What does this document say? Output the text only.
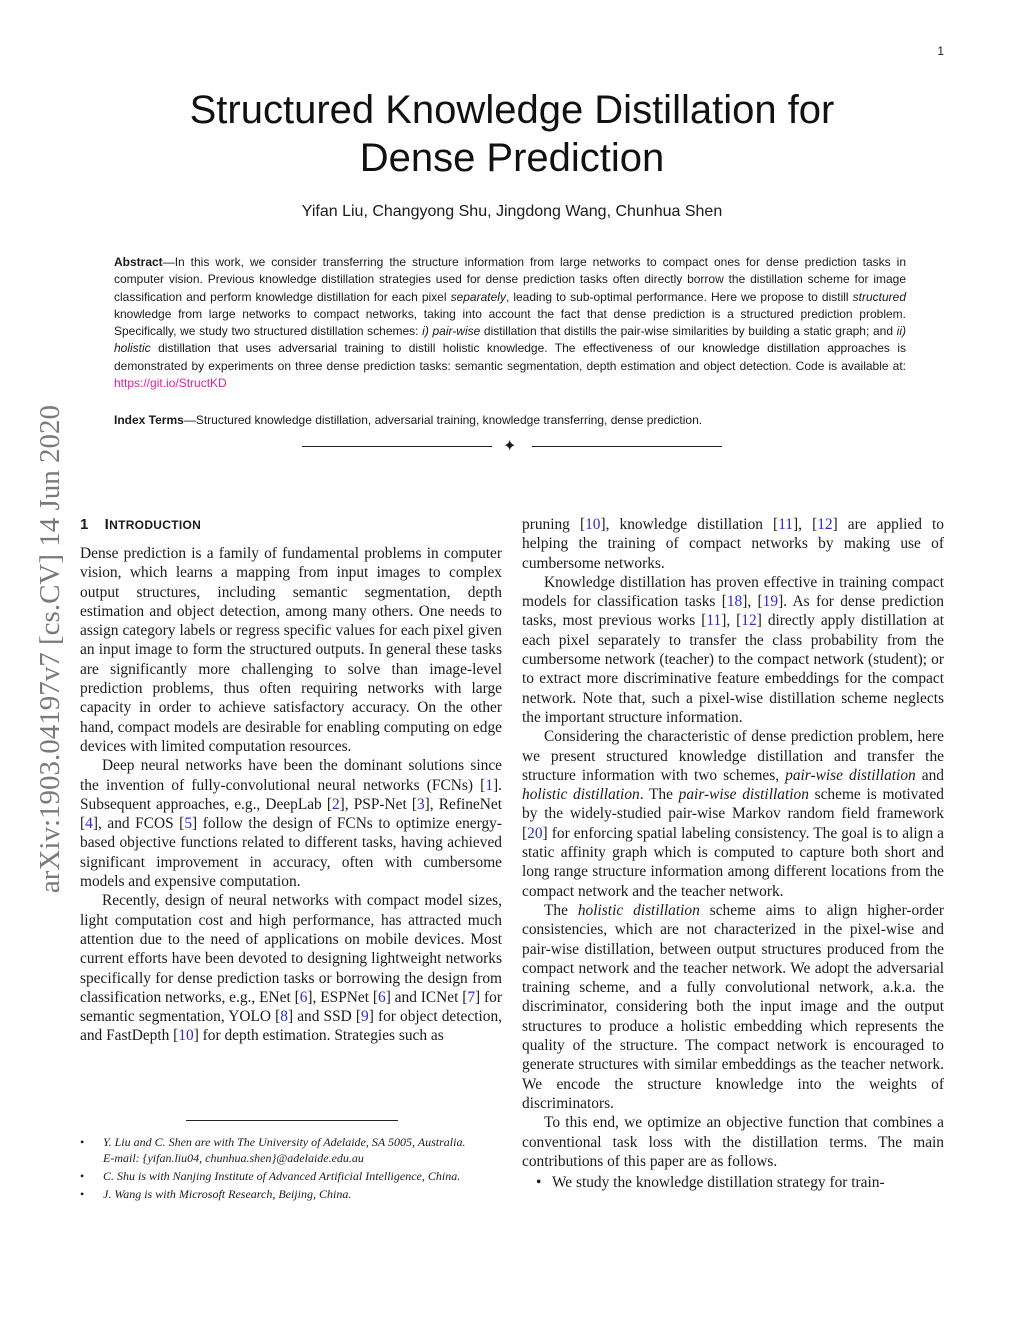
1
Structured Knowledge Distillation for
Dense Prediction
Yifan Liu, Changyong Shu, Jingdong Wang, Chunhua Shen
Abstract—In this work, we consider transferring the structure information from large networks to compact ones for dense prediction tasks in computer vision. Previous knowledge distillation strategies used for dense prediction tasks often directly borrow the distillation scheme for image classification and perform knowledge distillation for each pixel separately, leading to sub-optimal performance. Here we propose to distill structured knowledge from large networks to compact networks, taking into account the fact that dense prediction is a structured prediction problem. Specifically, we study two structured distillation schemes: i) pair-wise distillation that distills the pair-wise similarities by building a static graph; and ii) holistic distillation that uses adversarial training to distill holistic knowledge. The effectiveness of our knowledge distillation approaches is demonstrated by experiments on three dense prediction tasks: semantic segmentation, depth estimation and object detection. Code is available at: https://git.io/StructKD
Index Terms—Structured knowledge distillation, adversarial training, knowledge transferring, dense prediction.
✦
arXiv:1903.04197v7 [cs.CV] 14 Jun 2020 1 INTRODUCTION

Dense prediction is a family of fundamental problems in computer vision, which learns a mapping from input images to complex output structures, including semantic segmentation, depth estimation and object detection, among many others. One needs to assign category labels or regress specific values for each pixel given an input image to form the structured outputs. In general these tasks are significantly more challenging to solve than image-level prediction problems, thus often requiring networks with large capacity in order to achieve satisfactory accuracy. On the other hand, compact models are desirable for enabling computing on edge devices with limited computation resources.

Deep neural networks have been the dominant solutions since the invention of fully-convolutional neural networks (FCNs) [1]. Subsequent approaches, e.g., DeepLab [2], PSP-Net [3], RefineNet [4], and FCOS [5] follow the design of FCNs to optimize energy-based objective functions related to different tasks, having achieved significant improvement in accuracy, often with cumbersome models and expensive computation.

Recently, design of neural networks with compact model sizes, light computation cost and high performance, has attracted much attention due to the need of applications on mobile devices. Most current efforts have been devoted to designing lightweight networks specifically for dense prediction tasks or borrowing the design from classification networks, e.g., ENet [6], ESPNet [6] and ICNet [7] for semantic segmentation, YOLO [8] and SSD [9] for object detection, and FastDepth [10] for depth estimation. Strategies such as

• Y. Liu and C. Shen are with The University of Adelaide, SA 5005, Australia.
E-mail: {yifan.liu04, chunhua.shen}@adelaide.edu.au
• C. Shu is with Nanjing Institute of Advanced Artificial Intelligence, China.
• J. Wang is with Microsoft Research, Beijing, China.

pruning [10], knowledge distillation [11], [12] are applied to helping the training of compact networks by making use of cumbersome networks.

Knowledge distillation has proven effective in training compact models for classification tasks [18], [19]. As for dense prediction tasks, most previous works [11], [12] directly apply distillation at each pixel separately to transfer the class probability from the cumbersome network (teacher) to the compact network (student); or to extract more discriminative feature embeddings for the compact network. Note that, such a pixel-wise distillation scheme neglects the important structure information.

Considering the characteristic of dense prediction problem, here we present structured knowledge distillation and transfer the structure information with two schemes, pair-wise distillation and holistic distillation. The pair-wise distillation scheme is motivated by the widely-studied pair-wise Markov random field framework [20] for enforcing spatial labeling consistency. The goal is to align a static affinity graph which is computed to capture both short and long range structure information among different locations from the compact network and the teacher network.

The holistic distillation scheme aims to align higher-order consistencies, which are not characterized in the pixel-wise and pair-wise distillation, between output structures produced from the compact network and the teacher network. We adopt the adversarial training scheme, and a fully convolutional network, a.k.a. the discriminator, considering both the input image and the output structures to produce a holistic embedding which represents the quality of the structure. The compact network is encouraged to generate structures with similar embeddings as the teacher network. We encode the structure knowledge into the weights of discriminators.

To this end, we optimize an objective function that combines a conventional task loss with the distillation terms. The main contributions of this paper are as follows.

• We study the knowledge distillation strategy for train-
